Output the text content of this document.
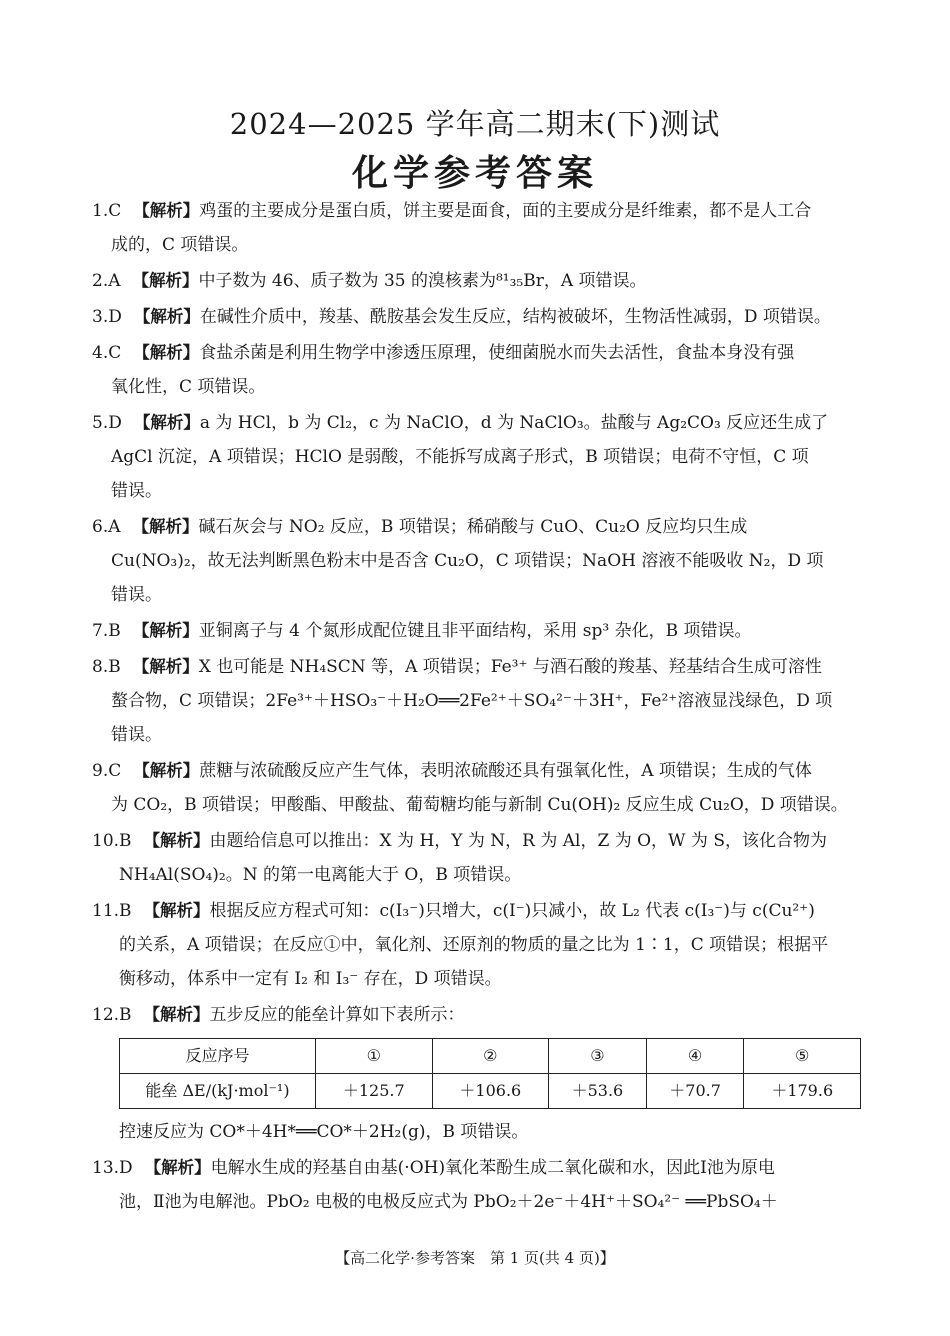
2024—2025 学年高二期末(下)测试
化学参考答案
1.C 【解析】鸡蛋的主要成分是蛋白质，饼主要是面食，面的主要成分是纤维素，都不是人工合
成的，C 项错误。
2.A 【解析】中子数为 46、质子数为 35 的溴核素为⁸¹₃₅Br，A 项错误。
3.D 【解析】在碱性介质中，羧基、酰胺基会发生反应，结构被破坏，生物活性减弱，D 项错误。
4.C 【解析】食盐杀菌是利用生物学中渗透压原理，使细菌脱水而失去活性，食盐本身没有强
氧化性，C 项错误。
5.D 【解析】a 为 HCl，b 为 Cl₂，c 为 NaClO，d 为 NaClO₃。盐酸与 Ag₂CO₃ 反应还生成了
AgCl 沉淀，A 项错误；HClO 是弱酸，不能拆写成离子形式，B 项错误；电荷不守恒，C 项
错误。
6.A 【解析】碱石灰会与 NO₂ 反应，B 项错误；稀硝酸与 CuO、Cu₂O 反应均只生成
Cu(NO₃)₂，故无法判断黑色粉末中是否含 Cu₂O，C 项错误；NaOH 溶液不能吸收 N₂，D 项
错误。
7.B 【解析】亚铜离子与 4 个氮形成配位键且非平面结构，采用 sp³ 杂化，B 项错误。
8.B 【解析】X 也可能是 NH₄SCN 等，A 项错误；Fe³⁺ 与酒石酸的羧基、羟基结合生成可溶性
螯合物，C 项错误；2Fe³⁺＋HSO₃⁻＋H₂O══2Fe²⁺＋SO₄²⁻＋3H⁺，Fe²⁺溶液显浅绿色，D 项
错误。
9.C 【解析】蔗糖与浓硫酸反应产生气体，表明浓硫酸还具有强氧化性，A 项错误；生成的气体
为 CO₂，B 项错误；甲酸酯、甲酸盐、葡萄糖均能与新制 Cu(OH)₂ 反应生成 Cu₂O，D 项错误。
10.B 【解析】由题给信息可以推出：X 为 H，Y 为 N，R 为 Al，Z 为 O，W 为 S，该化合物为
NH₄Al(SO₄)₂。N 的第一电离能大于 O，B 项错误。
11.B 【解析】根据反应方程式可知：c(I₃⁻)只增大，c(I⁻)只减小，故 L₂ 代表 c(I₃⁻)与 c(Cu²⁺)
的关系，A 项错误；在反应①中，氧化剂、还原剂的物质的量之比为 1∶1，C 项错误；根据平
衡移动，体系中一定有 I₂ 和 I₃⁻ 存在，D 项错误。
12.B 【解析】五步反应的能垒计算如下表所示：
反应序号	①	②	③	④	⑤
能垒 ΔE/(kJ·mol⁻¹)	＋125.7	＋106.6	＋53.6	＋70.7	＋179.6
控速反应为 CO*＋4H*══CO*＋2H₂(g)，B 项错误。
13.D 【解析】电解水生成的羟基自由基(·OH)氧化苯酚生成二氧化碳和水，因此Ⅰ池为原电
池，Ⅱ池为电解池。PbO₂ 电极的电极反应式为 PbO₂＋2e⁻＋4H⁺＋SO₄²⁻ ══PbSO₄＋
【高二化学·参考答案　第 1 页(共 4 页)】
